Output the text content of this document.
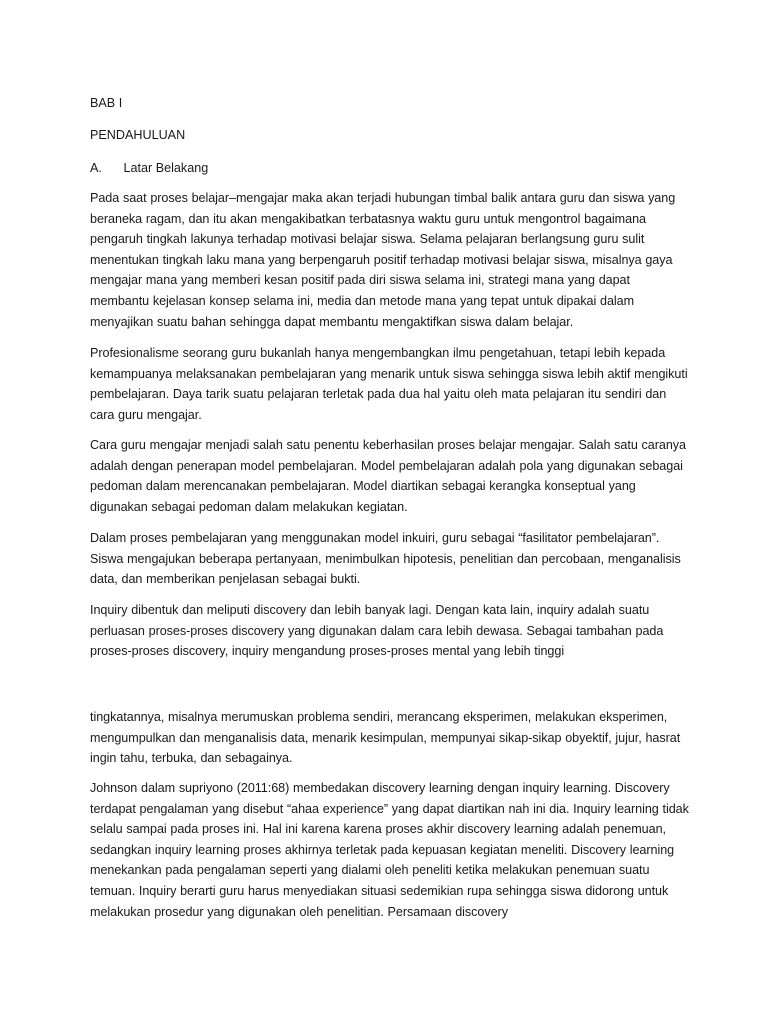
BAB I
PENDAHULUAN
A. Latar Belakang

Pada saat proses belajar–mengajar maka akan terjadi hubungan timbal balik antara guru dan siswa yang beraneka ragam, dan itu akan mengakibatkan terbatasnya waktu guru untuk mengontrol bagaimana pengaruh tingkah lakunya terhadap motivasi belajar siswa. Selama pelajaran berlangsung guru sulit menentukan tingkah laku mana yang berpengaruh positif terhadap motivasi belajar siswa, misalnya gaya mengajar mana yang memberi kesan positif pada diri siswa selama ini, strategi mana yang dapat membantu kejelasan konsep selama ini, media dan metode mana yang tepat untuk dipakai dalam menyajikan suatu bahan sehingga dapat membantu mengaktifkan siswa dalam belajar.

Profesionalisme seorang guru bukanlah hanya mengembangkan ilmu pengetahuan, tetapi lebih kepada kemampuanya melaksanakan pembelajaran yang menarik untuk siswa sehingga siswa lebih aktif mengikuti pembelajaran. Daya tarik suatu pelajaran terletak pada dua hal yaitu oleh mata pelajaran itu sendiri dan cara guru mengajar.

Cara guru mengajar menjadi salah satu penentu keberhasilan proses belajar mengajar. Salah satu caranya adalah dengan penerapan model pembelajaran. Model pembelajaran adalah pola yang digunakan sebagai pedoman dalam merencanakan pembelajaran. Model diartikan sebagai kerangka konseptual yang digunakan sebagai pedoman dalam melakukan kegiatan.

Dalam proses pembelajaran yang menggunakan model inkuiri, guru sebagai “fasilitator pembelajaran”. Siswa mengajukan beberapa pertanyaan, menimbulkan hipotesis, penelitian dan percobaan, menganalisis data, dan memberikan penjelasan sebagai bukti.

Inquiry dibentuk dan meliputi discovery dan lebih banyak lagi. Dengan kata lain, inquiry adalah suatu perluasan proses-proses discovery yang digunakan dalam cara lebih dewasa. Sebagai tambahan pada proses-proses discovery, inquiry mengandung proses-proses mental yang lebih tinggi

tingkatannya, misalnya merumuskan problema sendiri, merancang eksperimen, melakukan eksperimen, mengumpulkan dan menganalisis data, menarik kesimpulan, mempunyai sikap-sikap obyektif, jujur, hasrat ingin tahu, terbuka, dan sebagainya.

Johnson dalam supriyono (2011:68) membedakan discovery learning dengan inquiry learning. Discovery terdapat pengalaman yang disebut “ahaa experience” yang dapat diartikan nah ini dia. Inquiry learning tidak selalu sampai pada proses ini. Hal ini karena karena proses akhir discovery learning adalah penemuan, sedangkan inquiry learning proses akhirnya terletak pada kepuasan kegiatan meneliti. Discovery learning menekankan pada pengalaman seperti yang dialami oleh peneliti ketika melakukan penemuan suatu temuan. Inquiry berarti guru harus menyediakan situasi sedemikian rupa sehingga siswa didorong untuk melakukan prosedur yang digunakan oleh penelitian. Persamaan discovery
